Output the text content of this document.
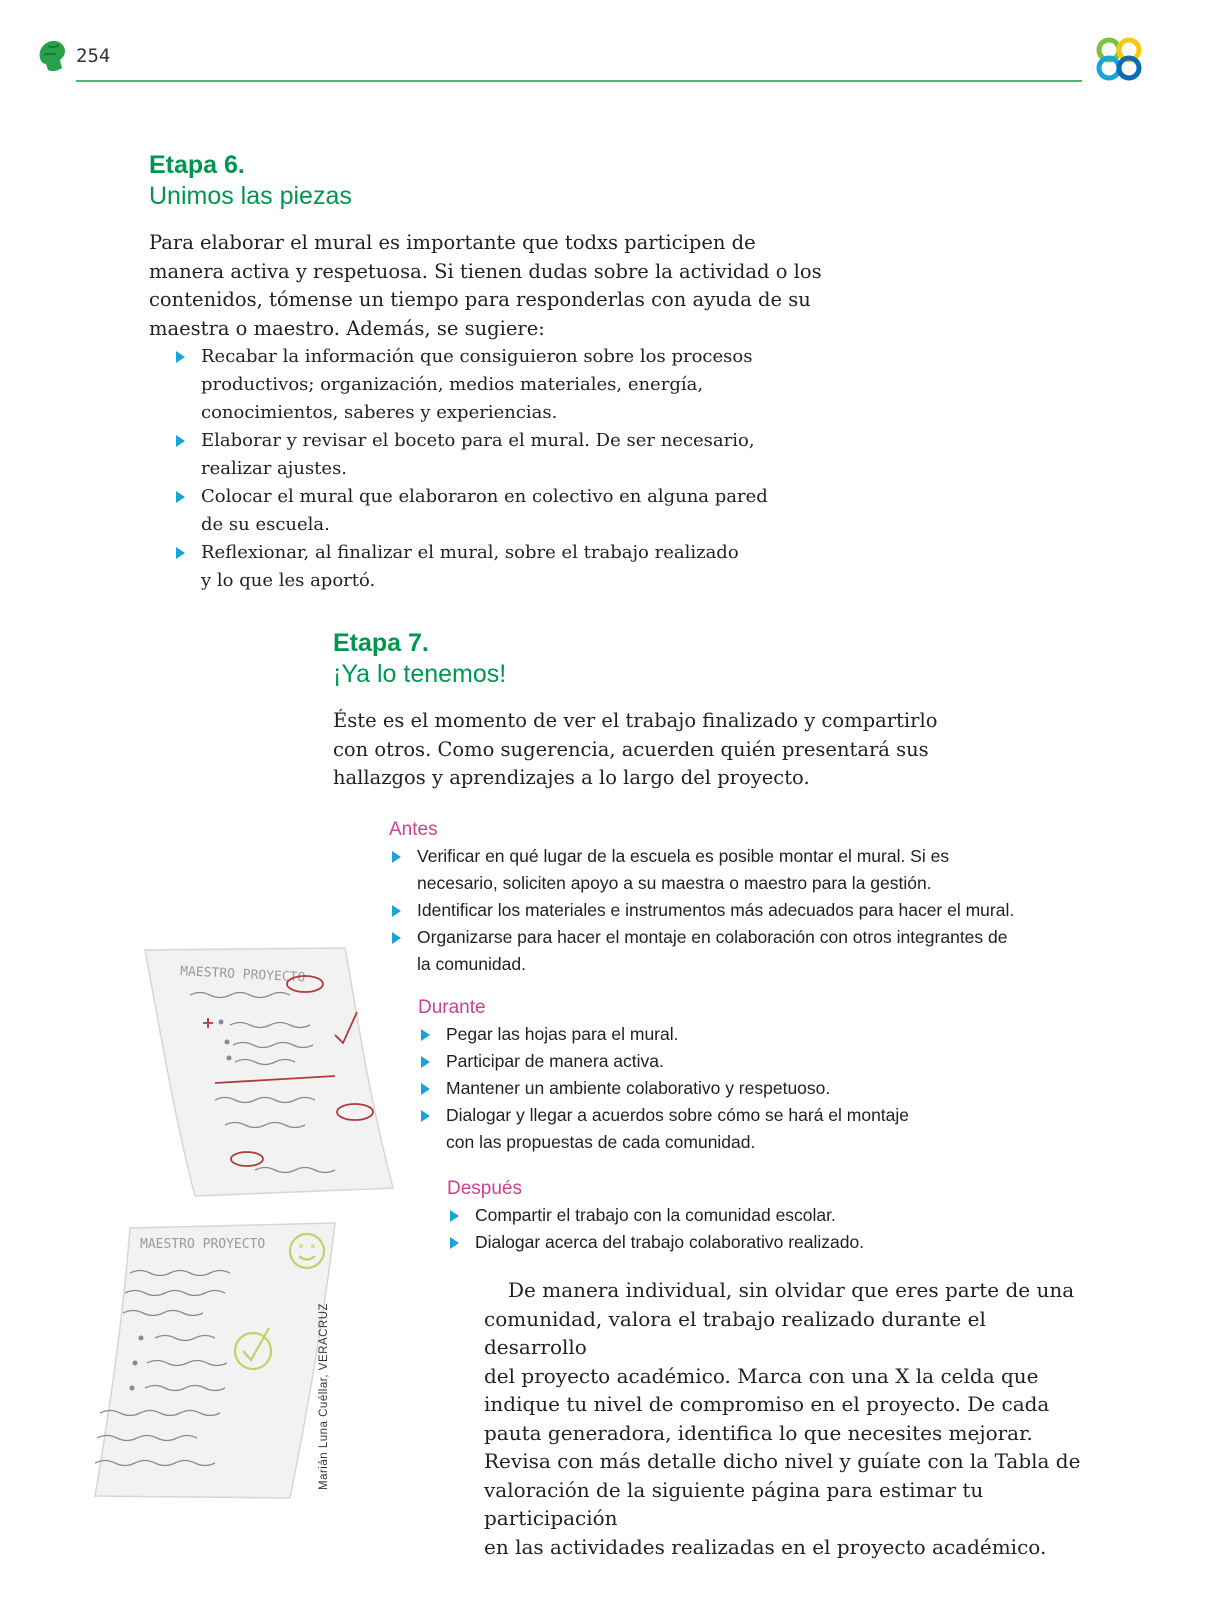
254
Etapa 6.
Unimos las piezas
Para elaborar el mural es importante que todxs participen de
manera activa y respetuosa. Si tienen dudas sobre la actividad o los
contenidos, tómense un tiempo para responderlas con ayuda de su
maestra o maestro. Además, se sugiere:
Recabar la información que consiguieron sobre los procesos
productivos; organización, medios materiales, energía,
conocimientos, saberes y experiencias.
Elaborar y revisar el boceto para el mural. De ser necesario,
realizar ajustes.
Colocar el mural que elaboraron en colectivo en alguna pared
de su escuela.
Reflexionar, al finalizar el mural, sobre el trabajo realizado
y lo que les aportó.
Etapa 7.
¡Ya lo tenemos!
Éste es el momento de ver el trabajo finalizado y compartirlo
con otros. Como sugerencia, acuerden quién presentará sus
hallazgos y aprendizajes a lo largo del proyecto.
Antes
Verificar en qué lugar de la escuela es posible montar el mural. Si es
necesario, soliciten apoyo a su maestra o maestro para la gestión.
Identificar los materiales e instrumentos más adecuados para hacer el mural.
Organizarse para hacer el montaje en colaboración con otros integrantes de
la comunidad.
Durante
Pegar las hojas para el mural.
Participar de manera activa.
Mantener un ambiente colaborativo y respetuoso.
Dialogar y llegar a acuerdos sobre cómo se hará el montaje
con las propuestas de cada comunidad.
Después
Compartir el trabajo con la comunidad escolar.
Dialogar acerca del trabajo colaborativo realizado.
De manera individual, sin olvidar que eres parte de una
comunidad, valora el trabajo realizado durante el desarrollo
del proyecto académico. Marca con una X la celda que
indique tu nivel de compromiso en el proyecto. De cada
pauta generadora, identifica lo que necesites mejorar.
Revisa con más detalle dicho nivel y guíate con la Tabla de
valoración de la siguiente página para estimar tu participación
en las actividades realizadas en el proyecto académico.
MAESTRO PROYECTO
MAESTRO PROYECTO
Marián Luna Cuéllar, VERACRUZ
